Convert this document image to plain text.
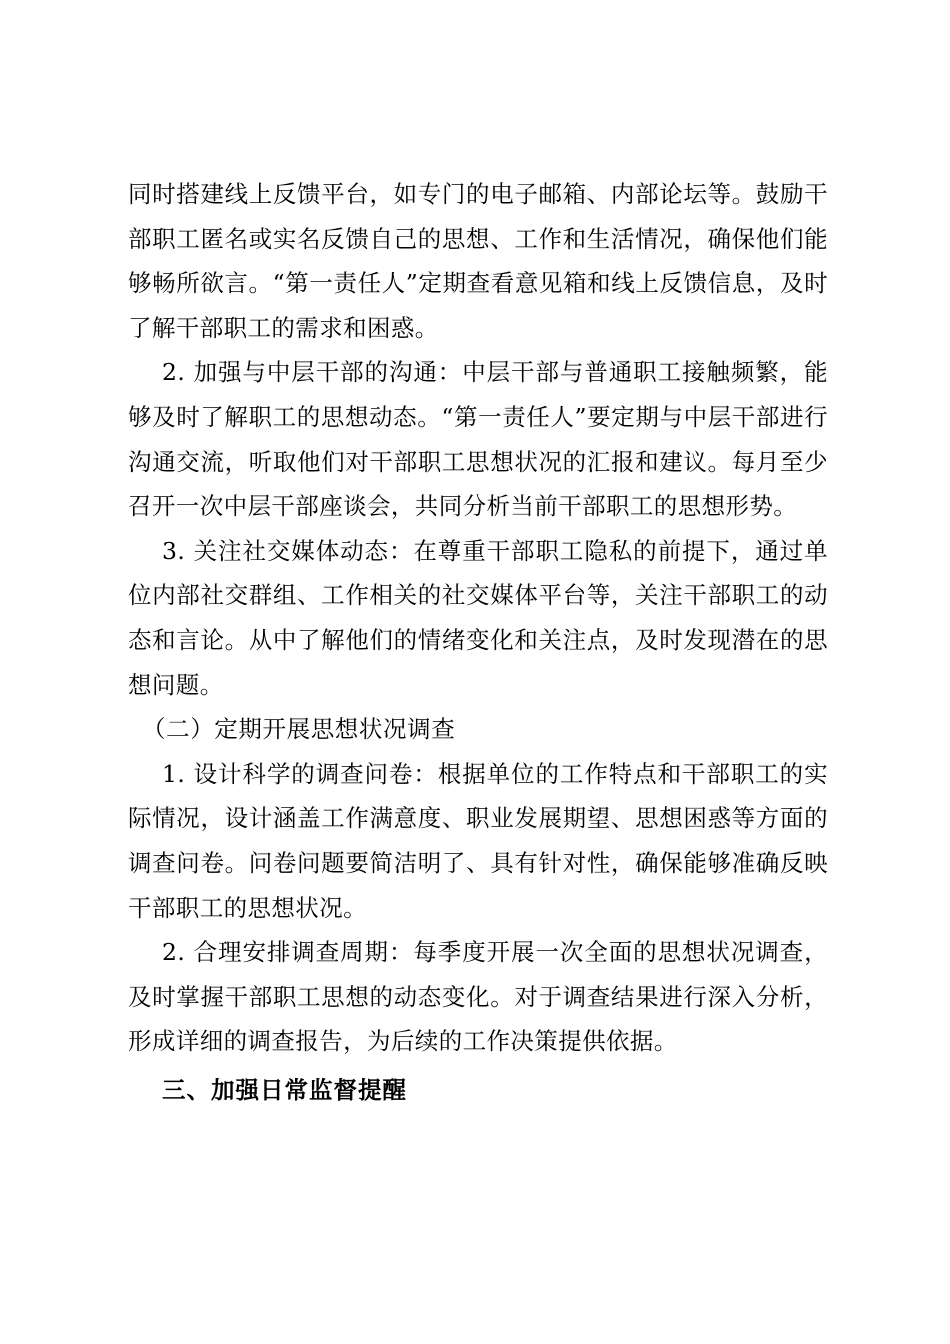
同时搭建线上反馈平台，如专门的电子邮箱、内部论坛等。鼓励干部职工匿名或实名反馈自己的思想、工作和生活情况，确保他们能够畅所欲言。“第一责任人”定期查看意见箱和线上反馈信息，及时了解干部职工的需求和困惑。

2. 加强与中层干部的沟通：中层干部与普通职工接触频繁，能够及时了解职工的思想动态。“第一责任人”要定期与中层干部进行沟通交流，听取他们对干部职工思想状况的汇报和建议。每月至少召开一次中层干部座谈会，共同分析当前干部职工的思想形势。

3. 关注社交媒体动态：在尊重干部职工隐私的前提下，通过单位内部社交群组、工作相关的社交媒体平台等，关注干部职工的动态和言论。从中了解他们的情绪变化和关注点，及时发现潜在的思想问题。

（二）定期开展思想状况调查

1. 设计科学的调查问卷：根据单位的工作特点和干部职工的实际情况，设计涵盖工作满意度、职业发展期望、思想困惑等方面的调查问卷。问卷问题要简洁明了、具有针对性，确保能够准确反映干部职工的思想状况。

2. 合理安排调查周期：每季度开展一次全面的思想状况调查，及时掌握干部职工思想的动态变化。对于调查结果进行深入分析，形成详细的调查报告，为后续的工作决策提供依据。

三、加强日常监督提醒
